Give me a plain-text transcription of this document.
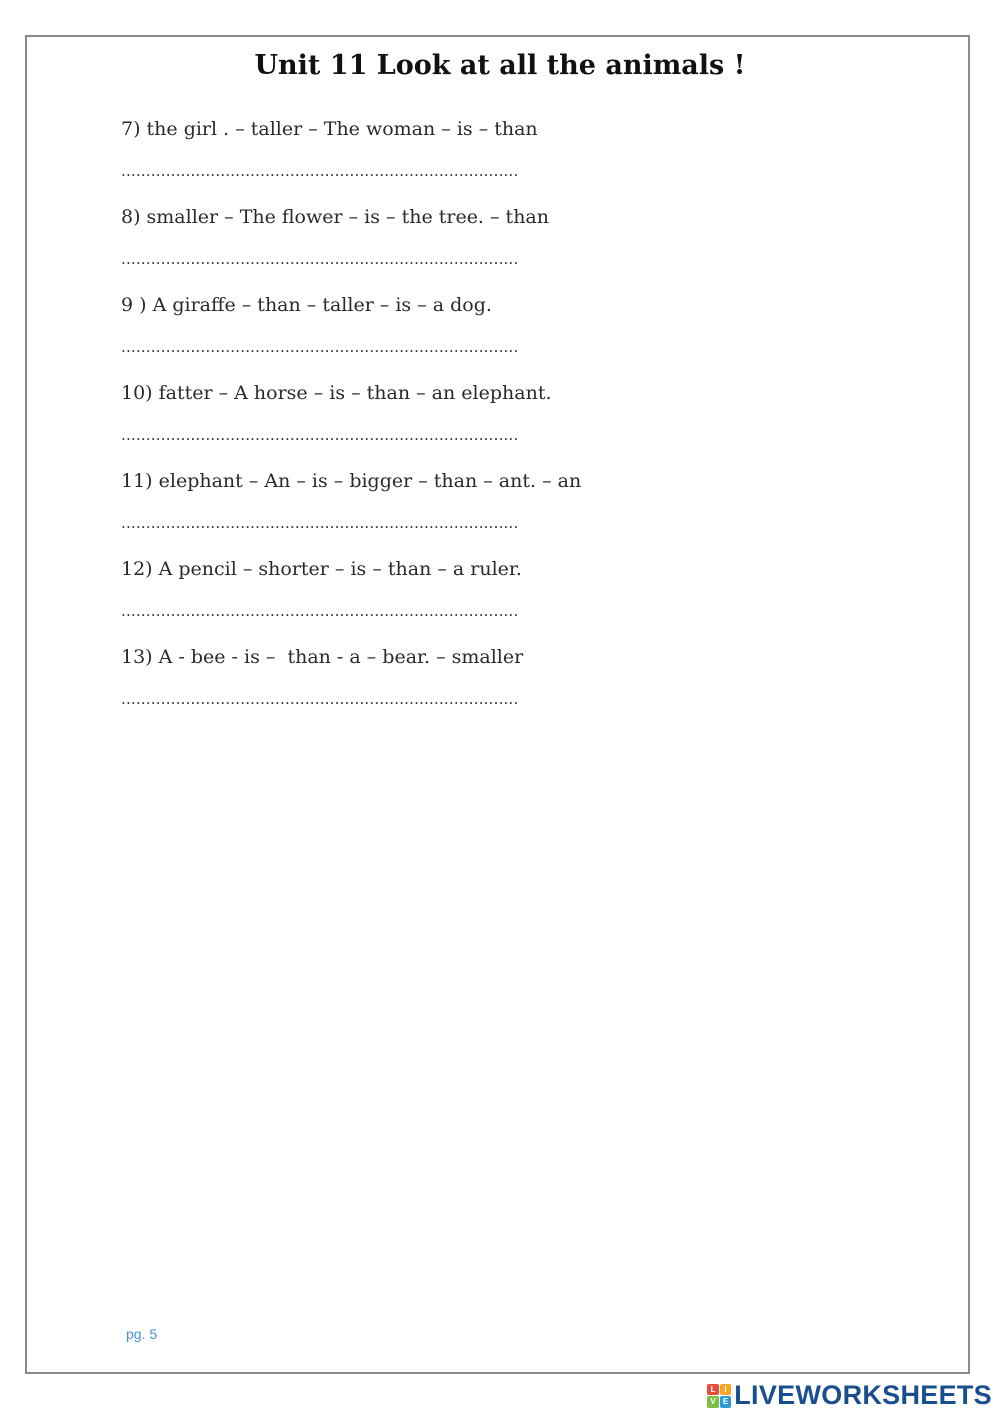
Unit 11 Look at all the animals !
7) the girl . – taller – The woman – is – than
................................................................................
8) smaller – The flower – is – the tree. – than
................................................................................
9 ) A giraffe – than – taller – is – a dog.
................................................................................
10) fatter – A horse – is – than – an elephant.
................................................................................
11) elephant – An – is – bigger – than – ant. – an
................................................................................
12) A pencil – shorter – is – than – a ruler.
................................................................................
13) A - bee - is –  than - a – bear. – smaller
................................................................................
pg. 5
L	I
V E LIVEWORKSHEETS
